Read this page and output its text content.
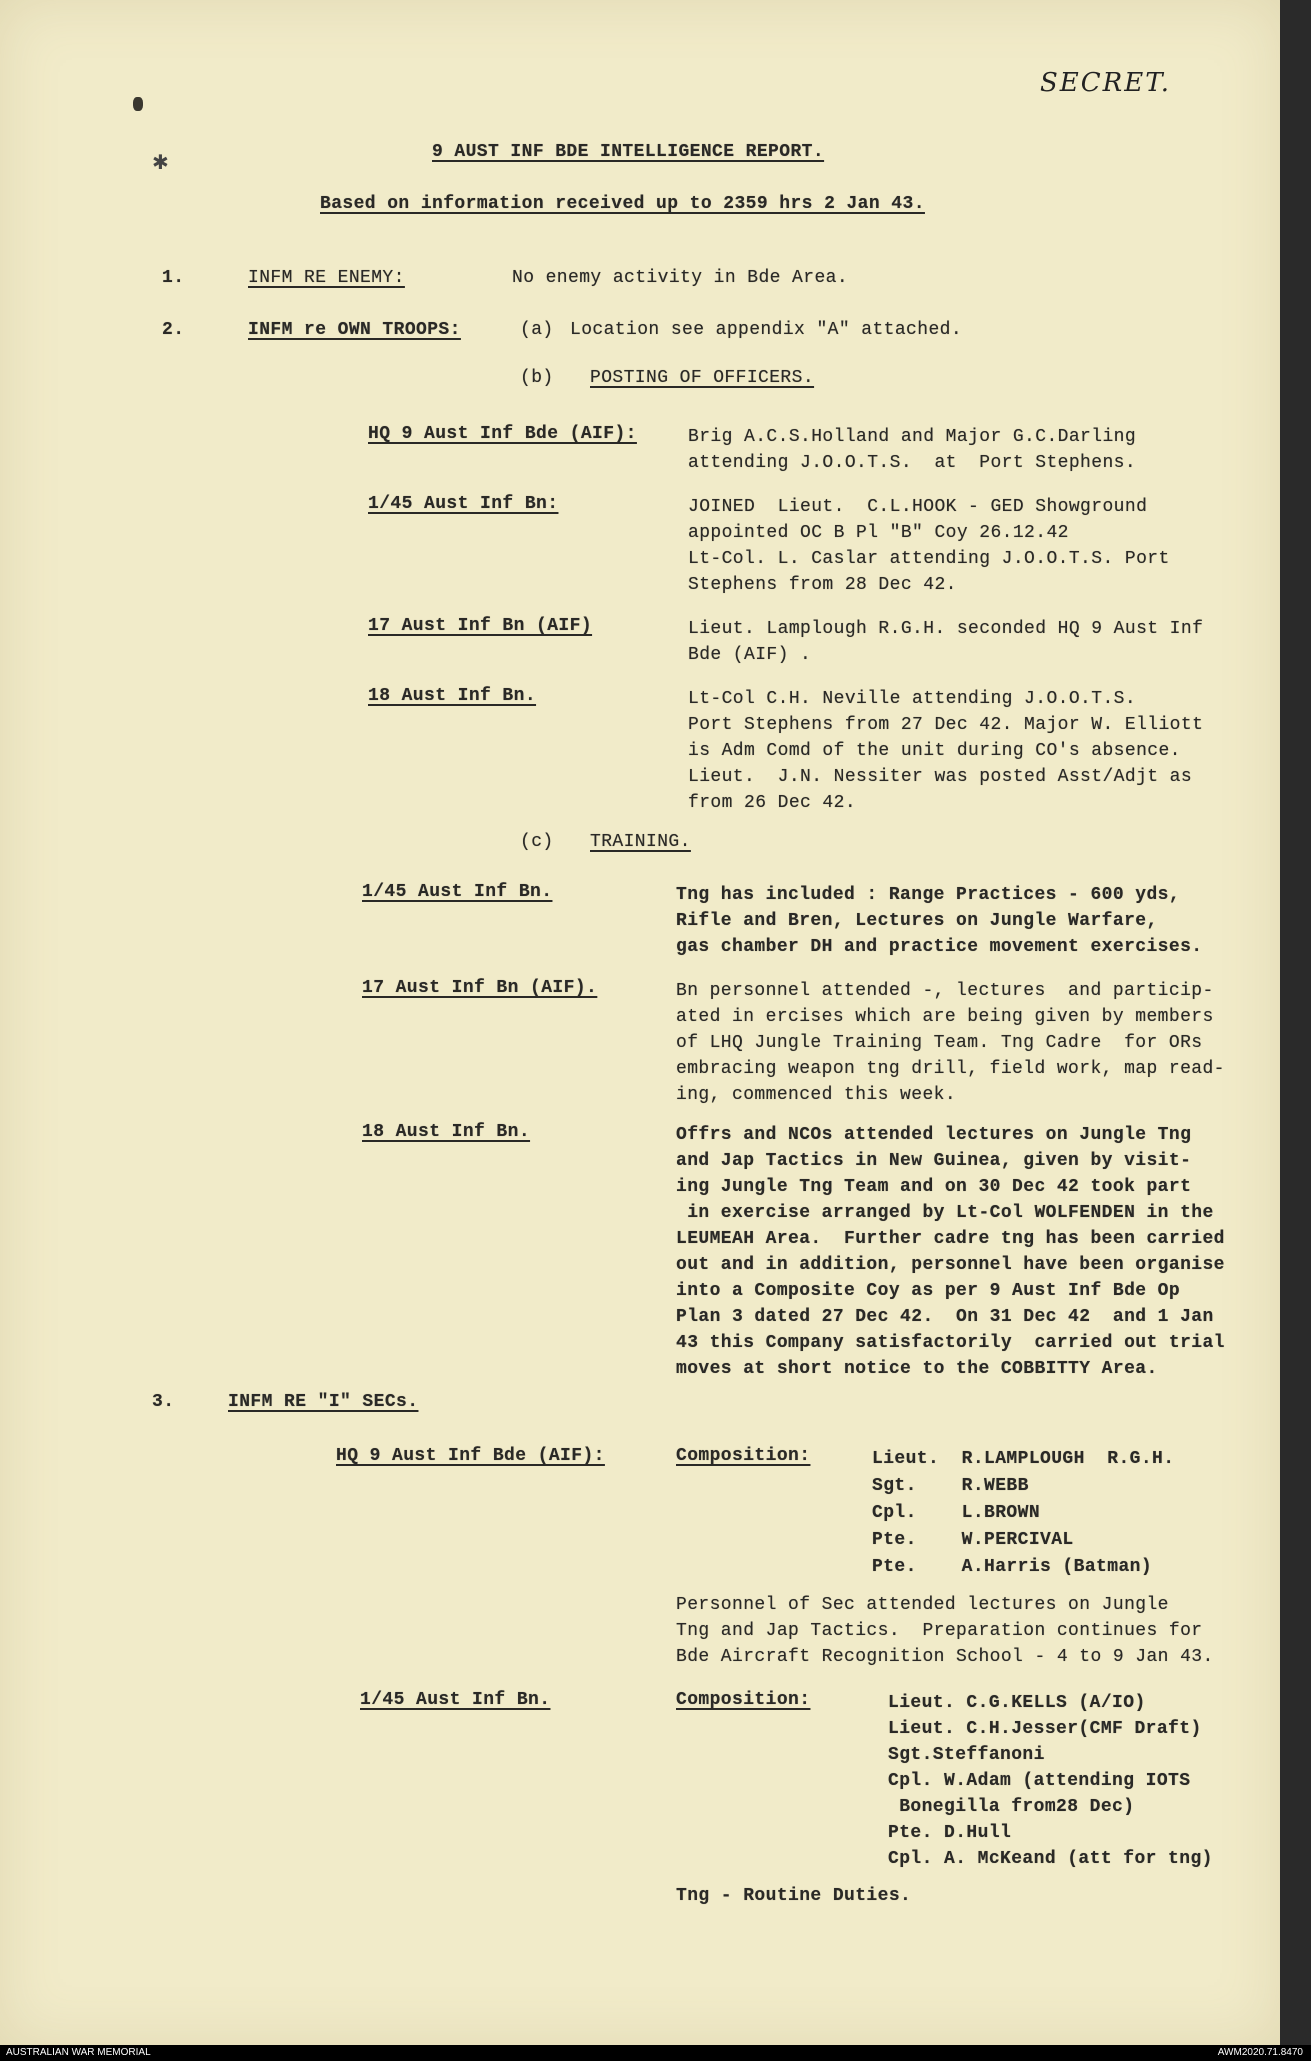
✱
SECRET.
9 AUST INF BDE INTELLIGENCE REPORT.
Based on information received up to 2359 hrs 2 Jan 43.
1.	INFM RE ENEMY:	No enemy activity in Bde Area.
2.	INFM re OWN TROOPS:	(a) Location see appendix "A" attached.
(b) POSTING OF OFFICERS.
HQ 9 Aust Inf Bde (AIF):	Brig A.C.S.Holland and Major G.C.Darling
attending J.O.O.T.S.  at  Port Stephens.
1/45 Aust Inf Bn:	JOINED  Lieut.  C.L.HOOK - GED Showground
appointed OC B Pl "B" Coy 26.12.42
Lt-Col. L. Caslar attending J.O.O.T.S. Port
Stephens from 28 Dec 42.
17 Aust Inf Bn (AIF)	Lieut. Lamplough R.G.H. seconded HQ 9 Aust Inf
Bde (AIF) .
18 Aust Inf Bn.	Lt-Col C.H. Neville attending J.O.O.T.S.
Port Stephens from 27 Dec 42. Major W. Elliott
is Adm Comd of the unit during CO's absence.
Lieut.  J.N. Nessiter was posted Asst/Adjt as
from 26 Dec 42.
(c) TRAINING.
1/45 Aust Inf Bn.	Tng has included : Range Practices - 600 yds,
Rifle and Bren, Lectures on Jungle Warfare,
gas chamber DH and practice movement exercises.
17 Aust Inf Bn (AIF).	Bn personnel attended -, lectures  and particip-
ated in ercises which are being given by members
of LHQ Jungle Training Team. Tng Cadre  for ORs
embracing weapon tng drill, field work, map read-
ing, commenced this week.
18 Aust Inf Bn.	Offrs and NCOs attended lectures on Jungle Tng
and Jap Tactics in New Guinea, given by visit-
ing Jungle Tng Team and on 30 Dec 42 took part
in exercise arranged by Lt-Col WOLFENDEN in the
LEUMEAH Area.  Further cadre tng has been carried
out and in addition, personnel have been organise
into a Composite Coy as per 9 Aust Inf Bde Op
Plan 3 dated 27 Dec 42.  On 31 Dec 42  and 1 Jan
43 this Company satisfactorily  carried out trial
moves at short notice to the COBBITTY Area.
3.	INFM RE "I" SECs.
HQ 9 Aust Inf Bde (AIF):	Composition:	Lieut.  R.LAMPLOUGH  R.G.H.
Sgt.    R.WEBB
Cpl.    L.BROWN
Pte.    W.PERCIVAL
Pte.    A.Harris (Batman)
Personnel of Sec attended lectures on Jungle
Tng and Jap Tactics.  Preparation continues for
Bde Aircraft Recognition School - 4 to 9 Jan 43.
1/45 Aust Inf Bn.	Composition:	Lieut. C.G.KELLS (A/IO)
Lieut. C.H.Jesser(CMF Draft)
Sgt.Steffanoni
Cpl. W.Adam (attending IOTS
Bonegilla from28 Dec)
Pte. D.Hull
Cpl. A. McKeand (att for tng)
Tng - Routine Duties.
AUSTRALIAN WAR MEMORIAL	AWM2020.71.8470
